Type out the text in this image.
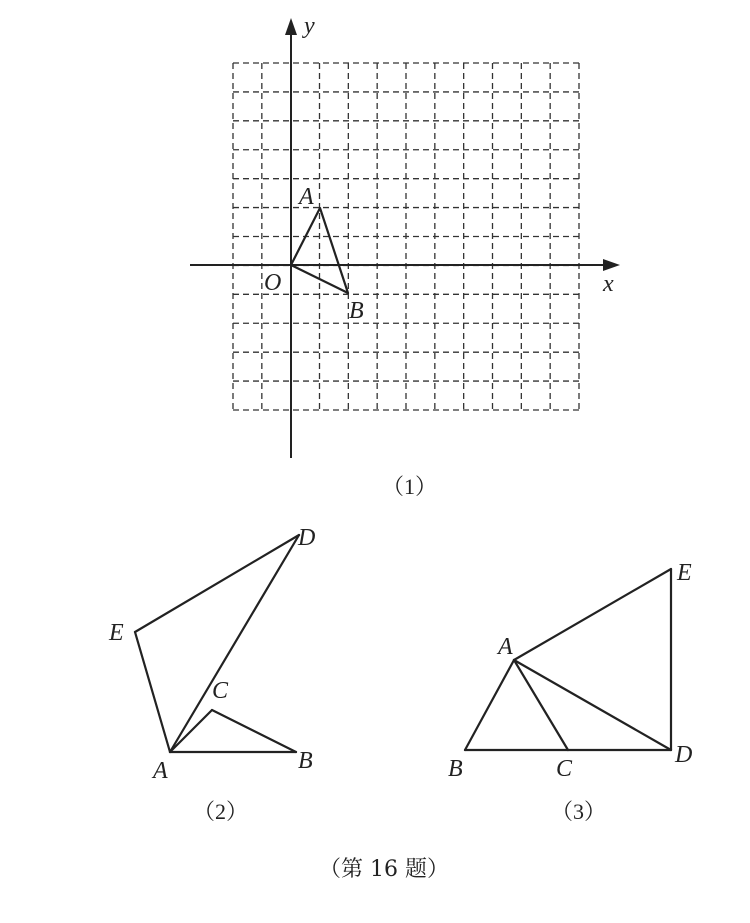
x
y
O
A
B
（1）
D
E
C
A	B
（2）
E
A
B	C
D
（3）
（第 16 题）
